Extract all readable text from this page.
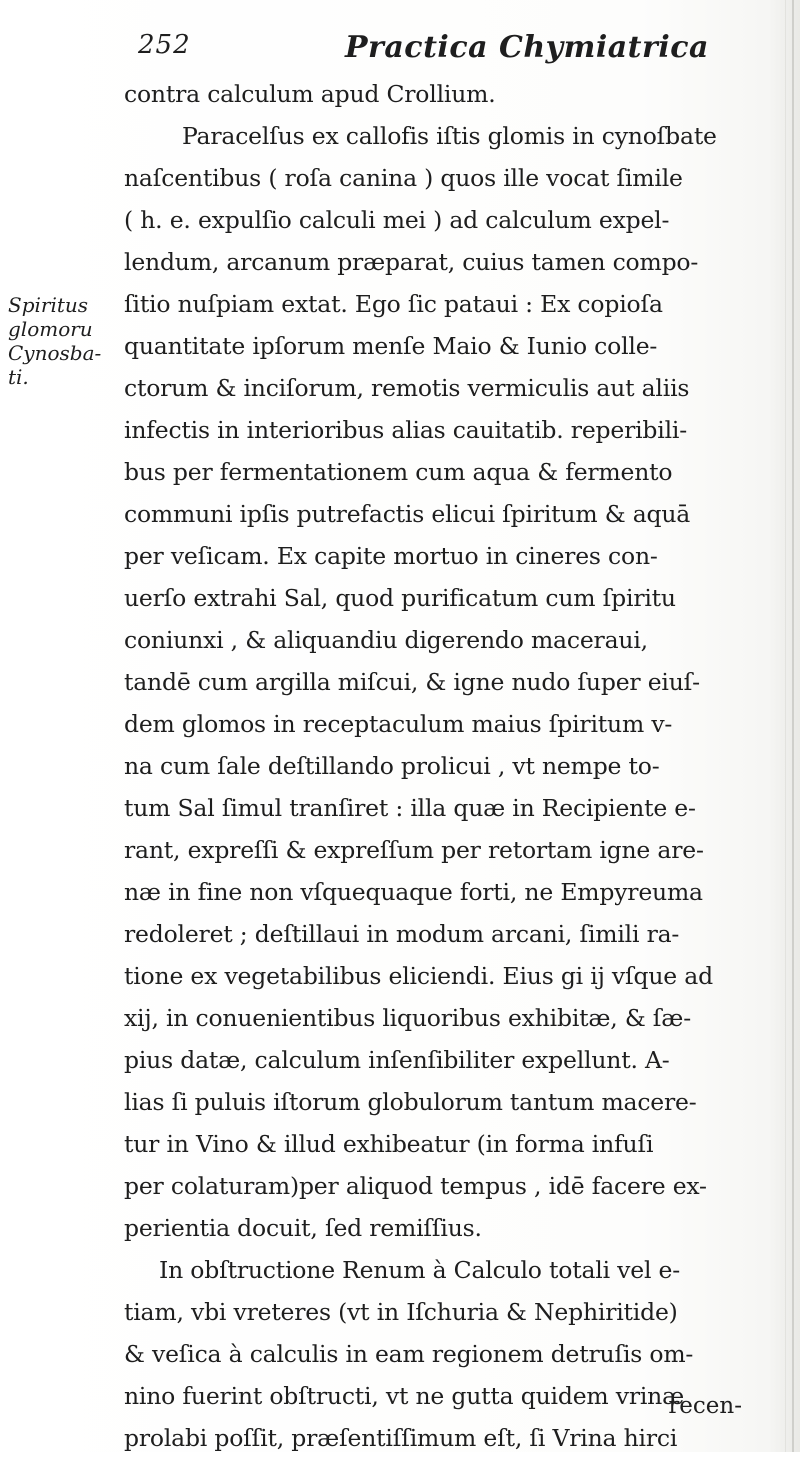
252	Practica Chymiatrica
Spiritus
glomoru
Cynosba-
ti.
contra calculum apud Crollium.
Paracelſus ex callofis iſtis glomis in cynoſbate
naſcentibus ( roſa canina ) quos ille vocat ſimile
( h. e. expulſio calculi mei ) ad calculum expel-
lendum, arcanum præparat, cuius tamen compo-
ſitio nuſpiam extat. Ego ſic pataui : Ex copioſa
quantitate ipſorum menſe Maio & Iunio colle-
ctorum & inciſorum, remotis vermiculis aut aliis
infectis in interioribus alias cauitatib. reperibili-
bus per fermentationem cum aqua & fermento
communi ipſis putrefactis elicui ſpiritum & aquā
per veſicam. Ex capite mortuo in cineres con-
uerſo extrahi Sal, quod purificatum cum ſpiritu
coniunxi , & aliquandiu digerendo maceraui,
tandē cum argilla miſcui, & igne nudo ſuper eiuſ-
dem glomos in receptaculum maius ſpiritum v-
na cum ſale deſtillando prolicui , vt nempe to-
tum Sal ſimul tranſiret : illa quæ in Recipiente e-
rant, expreſſi & expreſſum per retortam igne are-
næ in fine non vſquequaque forti, ne Empyreuma
redoleret ; deſtillaui in modum arcani, ſimili ra-
tione ex vegetabilibus eliciendi. Eius gi ij vſque ad
xij, in conuenientibus liquoribus exhibitæ, & ſæ-
pius datæ, calculum inſenſibiliter expellunt. A-
lias ſi puluis iſtorum globulorum tantum macere-
tur in Vino & illud exhibeatur (in forma infuſi
per colaturam)per aliquod tempus , idē facere ex-
perientia docuit, ſed remiſſius.
In obſtructione Renum à Calculo totali vel e-
tiam, vbi vreteres (vt in Iſchuria & Nephiritide)
& veſica à calculis in eam regionem detruſis om-
nino fuerint obſtructi, vt ne gutta quidem vrinæ
prolabi poſſit, præſentiſſimum eſt, ſi Vrina hirci
recen-
